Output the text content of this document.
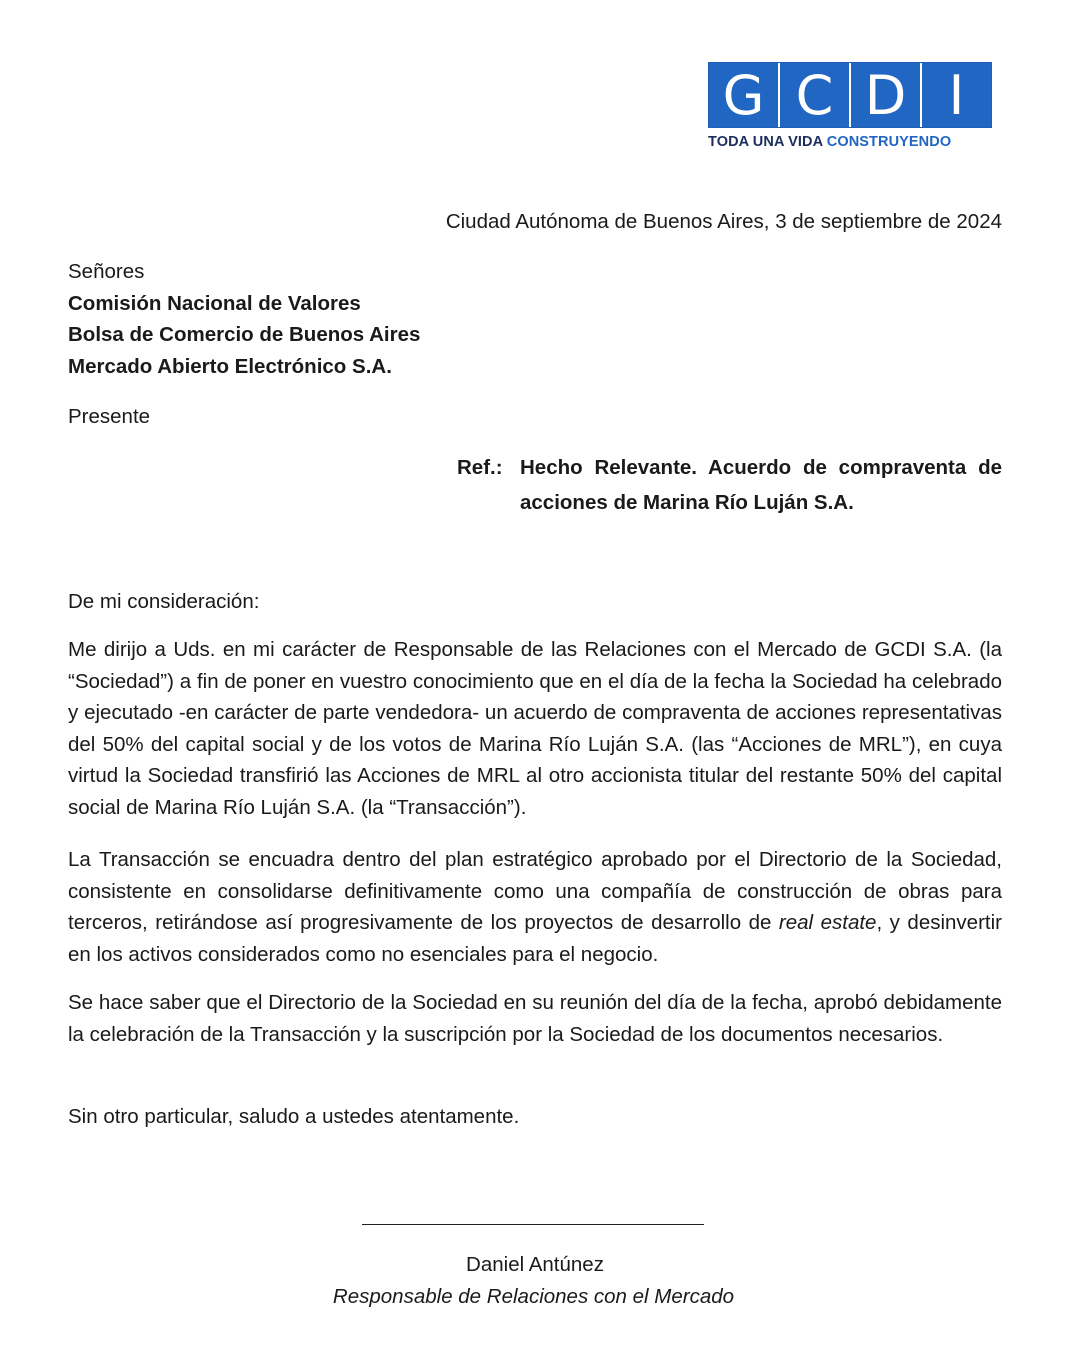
G C D I
TODA UNA VIDA CONSTRUYENDO
Ciudad Autónoma de Buenos Aires, 3 de septiembre de 2024
Señores
Comisión Nacional de Valores
Bolsa de Comercio de Buenos Aires
Mercado Abierto Electrónico S.A.
Presente
Ref.: Hecho Relevante. Acuerdo de compraventa de acciones de Marina Río Luján S.A.
De mi consideración:

Me dirijo a Uds. en mi carácter de Responsable de las Relaciones con el Mercado de GCDI S.A. (la “Sociedad”) a fin de poner en vuestro conocimiento que en el día de la fecha la Sociedad ha celebrado y ejecutado -en carácter de parte vendedora- un acuerdo de compraventa de acciones representativas del 50% del capital social y de los votos de Marina Río Luján S.A. (las “Acciones de MRL”), en cuya virtud la Sociedad transfirió las Acciones de MRL al otro accionista titular del restante 50% del capital social de Marina Río Luján S.A. (la “Transacción”).

La Transacción se encuadra dentro del plan estratégico aprobado por el Directorio de la Sociedad, consistente en consolidarse definitivamente como una compañía de construcción de obras para terceros, retirándose así progresivamente de los proyectos de desarrollo de real estate, y desinvertir en los activos considerados como no esenciales para el negocio.

Se hace saber que el Directorio de la Sociedad en su reunión del día de la fecha, aprobó debidamente la celebración de la Transacción y la suscripción por la Sociedad de los documentos necesarios.

Sin otro particular, saludo a ustedes atentamente.

Daniel Antúnez
Responsable de Relaciones con el Mercado
